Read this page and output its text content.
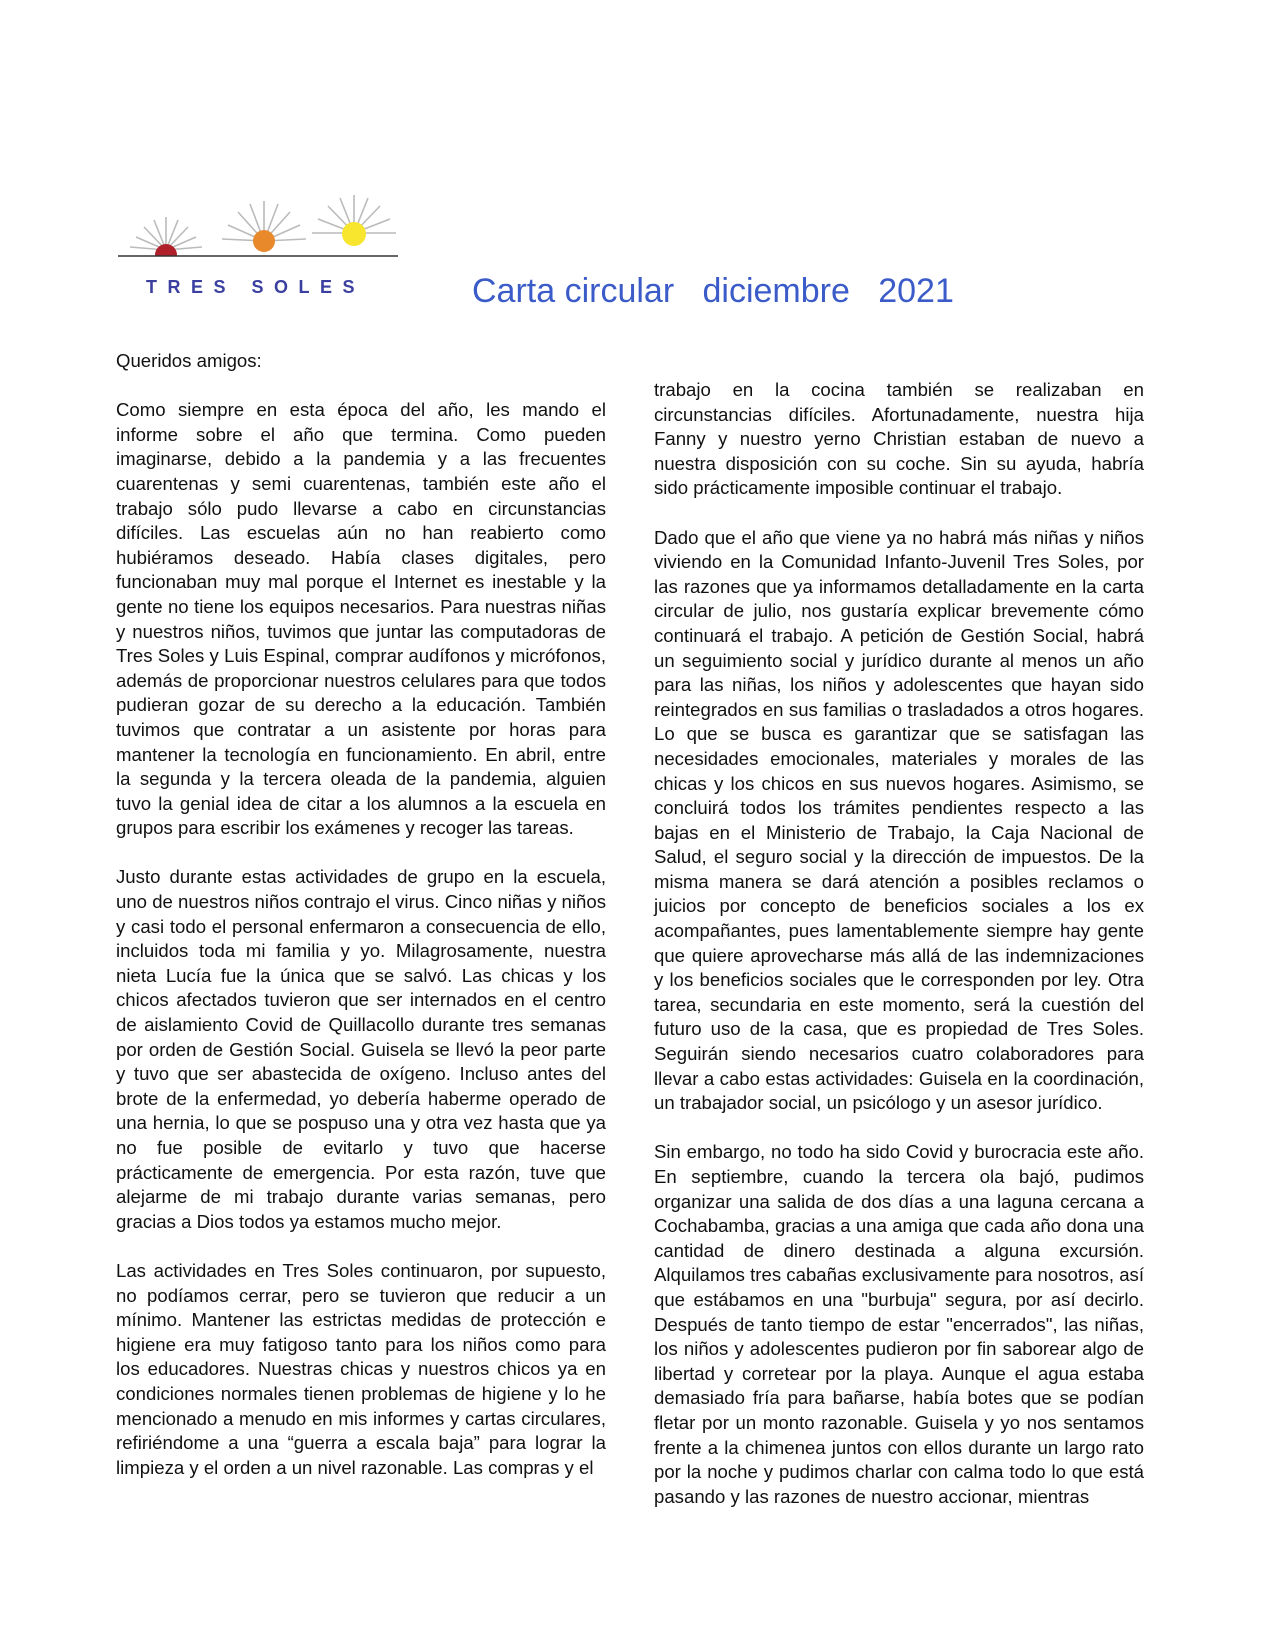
TRES SOLES	Carta circular   diciembre   2021

Queridos amigos:

Como siempre en esta época del año, les mando el informe sobre el año que termina. Como pueden imaginarse, debido a la pandemia y a las frecuentes cuarentenas y semi cuarentenas, también este año el trabajo sólo pudo llevarse a cabo en circunstancias difíciles. Las escuelas aún no han reabierto como hubiéramos deseado. Había clases digitales, pero funcionaban muy mal porque el Internet es inestable y la gente no tiene los equipos necesarios. Para nuestras niñas y nuestros niños, tuvimos que juntar las computadoras de Tres Soles y Luis Espinal, comprar audífonos y micrófonos, además de proporcionar nuestros celulares para que todos pudieran gozar de su derecho a la educación. También tuvimos que contratar a un asistente por horas para mantener la tecnología en funcionamiento. En abril, entre la segunda y la tercera oleada de la pandemia, alguien tuvo la genial idea de citar a los alumnos a la escuela en grupos para escribir los exámenes y recoger las tareas.

Justo durante estas actividades de grupo en la escuela, uno de nuestros niños contrajo el virus. Cinco niñas y niños y casi todo el personal enfermaron a consecuencia de ello, incluidos toda mi familia y yo. Milagrosamente, nuestra nieta Lucía fue la única que se salvó. Las chicas y los chicos afectados tuvieron que ser internados en el centro de aislamiento Covid de Quillacollo durante tres semanas por orden de Gestión Social. Guisela se llevó la peor parte y tuvo que ser abastecida de oxígeno. Incluso antes del brote de la enfermedad, yo debería haberme operado de una hernia, lo que se pospuso una y otra vez hasta que ya no fue posible de evitarlo y tuvo que hacerse prácticamente de emergencia. Por esta razón, tuve que alejarme de mi trabajo durante varias semanas, pero gracias a Dios todos ya estamos mucho mejor.

Las actividades en Tres Soles continuaron, por supuesto, no podíamos cerrar, pero se tuvieron que reducir a un mínimo. Mantener las estrictas medidas de protección e higiene era muy fatigoso tanto para los niños como para los educadores. Nuestras chicas y nuestros chicos ya en condiciones normales tienen problemas de higiene y lo he mencionado a menudo en mis informes y cartas circulares, refiriéndome a una “guerra a escala baja” para lograr la limpieza y el orden a un nivel razonable. Las compras y el

trabajo en la cocina también se realizaban en circunstancias difíciles. Afortunadamente, nuestra hija Fanny y nuestro yerno Christian estaban de nuevo a nuestra disposición con su coche. Sin su ayuda, habría sido prácticamente imposible continuar el trabajo.

Dado que el año que viene ya no habrá más niñas y niños viviendo en la Comunidad Infanto-Juvenil Tres Soles, por las razones que ya informamos detalladamente en la carta circular de julio, nos gustaría explicar brevemente cómo continuará el trabajo. A petición de Gestión Social, habrá un seguimiento social y jurídico durante al menos un año para las niñas, los niños y adolescentes que hayan sido reintegrados en sus familias o trasladados a otros hogares. Lo que se busca es garantizar que se satisfagan las necesidades emocionales, materiales y morales de las chicas y los chicos en sus nuevos hogares. Asimismo, se concluirá todos los trámites pendientes respecto a las bajas en el Ministerio de Trabajo, la Caja Nacional de Salud, el seguro social y la dirección de impuestos. De la misma manera se dará atención a posibles reclamos o juicios por concepto de beneficios sociales a los ex acompañantes, pues lamentablemente siempre hay gente que quiere aprovecharse más allá de las indemnizaciones y los beneficios sociales que le corresponden por ley. Otra tarea, secundaria en este momento, será la cuestión del futuro uso de la casa, que es propiedad de Tres Soles. Seguirán siendo necesarios cuatro colaboradores para llevar a cabo estas actividades: Guisela en la coordinación, un trabajador social, un psicólogo y un asesor jurídico.

Sin embargo, no todo ha sido Covid y burocracia este año. En septiembre, cuando la tercera ola bajó, pudimos organizar una salida de dos días a una laguna cercana a Cochabamba, gracias a una amiga que cada año dona una cantidad de dinero destinada a alguna excursión. Alquilamos tres cabañas exclusivamente para nosotros, así que estábamos en una "burbuja" segura, por así decirlo. Después de tanto tiempo de estar "encerrados", las niñas, los niños y adolescentes pudieron por fin saborear algo de libertad y corretear por la playa. Aunque el agua estaba demasiado fría para bañarse, había botes que se podían fletar por un monto razonable. Guisela y yo nos sentamos frente a la chimenea juntos con ellos durante un largo rato por la noche y pudimos charlar con calma todo lo que está pasando y las razones de nuestro accionar, mientras
